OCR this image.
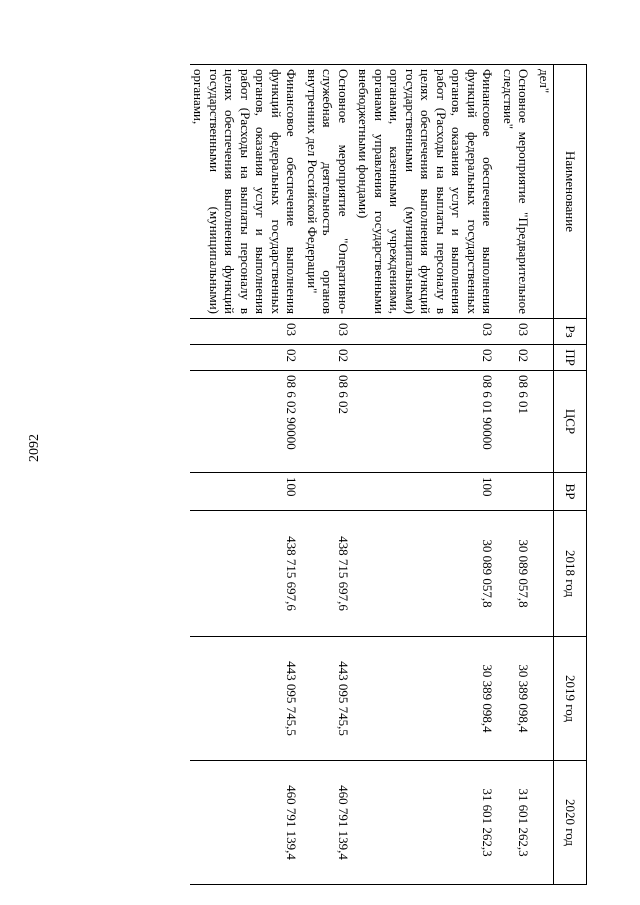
2092
Наименование	Рз	ПР	ЦСР	ВР	2018 год	2019 год	2020 год
дел"							
Основное мероприятие "Предварительное следствие"	03	02	08 6 01		30 089 057,8	30 389 098,4	31 601 262,3
Финансовое обеспечение выполнения функций федеральных государственных органов, оказания услуг и выполнения работ (Расходы на выплаты персоналу в целях обеспечения выполнения функций государственными (муниципальными) органами, казенными учреждениями, органами управления государственными внебюджетными фондами)	03	02	08 6 01 90000	100	30 089 057,8	30 389 098,4	31 601 262,3
Основное мероприятие "Оперативно-служебная деятельность органов внутренних дел Российской Федерации"	03	02	08 6 02		438 715 697,6	443 095 745,5	460 791 139,4
Финансовое обеспечение выполнения функций федеральных государственных органов, оказания услуг и выполнения работ (Расходы на выплаты персоналу в целях обеспечения выполнения функций государственными (муниципальными) органами,	03	02	08 6 02 90000	100	438 715 697,6	443 095 745,5	460 791 139,4
